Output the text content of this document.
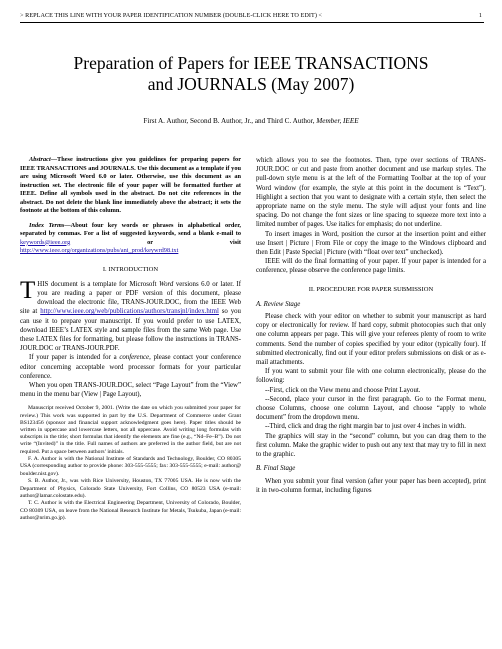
> REPLACE THIS LINE WITH YOUR PAPER IDENTIFICATION NUMBER (DOUBLE-CLICK HERE TO EDIT) <	1
Preparation of Papers for IEEE TRANSACTIONS
and JOURNALS (May 2007)
First A. Author, Second B. Author, Jr., and Third C. Author, Member, IEEE

Abstract—These instructions give you guidelines for preparing papers for IEEE TRANSACTIONS and JOURNALS. Use this document as a template if you are using Microsoft Word 6.0 or later. Otherwise, use this document as an instruction set. The electronic file of your paper will be formatted further at IEEE. Define all symbols used in the abstract. Do not cite references in the abstract. Do not delete the blank line immediately above the abstract; it sets the footnote at the bottom of this column.

Index Terms—About four key words or phrases in alphabetical order, separated by commas. For a list of suggested keywords, send a blank e-mail to keywords@ieee.org or visit http://www.ieee.org/organizations/pubs/ani_prod/keywrd98.txt

I. INTRODUCTION

THIS document is a template for Microsoft Word versions 6.0 or later. If you are reading a paper or PDF version of this document, please download the electronic file, TRANS-JOUR.DOC, from the IEEE Web site at http://www.ieee.org/web/publications/authors/transjnl/index.html so you can use it to prepare your manuscript. If you would prefer to use LATEX, download IEEE’s LATEX style and sample files from the same Web page. Use these LATEX files for formatting, but please follow the instructions in TRANS-JOUR.DOC or TRANS-JOUR.PDF.

If your paper is intended for a conference, please contact your conference editor concerning acceptable word processor formats for your particular conference.

When you open TRANS-JOUR.DOC, select “Page Layout” from the “View” menu in the menu bar (View | Page Layout),

Manuscript received October 9, 2001. (Write the date on which you submitted your paper for review.) This work was supported in part by the U.S. Department of Commerce under Grant BS123456 (sponsor and financial support acknowledgment goes here). Paper titles should be written in uppercase and lowercase letters, not all uppercase. Avoid writing long formulas with subscripts in the title; short formulas that identify the elements are fine (e.g., “Nd–Fe–B”). Do not write “(Invited)” in the title. Full names of authors are preferred in the author field, but are not required. Put a space between authors’ initials.

F. A. Author is with the National Institute of Standards and Technology, Boulder, CO 80305 USA (corresponding author to provide phone: 303-555-5555; fax: 303-555-5555; e-mail: author@ boulder.nist.gov).

S. B. Author, Jr., was with Rice University, Houston, TX 77005 USA. He is now with the Department of Physics, Colorado State University, Fort Collins, CO 80523 USA (e-mail: author@lamar.colostate.edu).

T. C. Author is with the Electrical Engineering Department, University of Colorado, Boulder, CO 80309 USA, on leave from the National Research Institute for Metals, Tsukuba, Japan (e-mail: author@nrim.go.jp).

which allows you to see the footnotes. Then, type over sections of TRANS-JOUR.DOC or cut and paste from another document and use markup styles. The pull-down style menu is at the left of the Formatting Toolbar at the top of your Word window (for example, the style at this point in the document is “Text”). Highlight a section that you want to designate with a certain style, then select the appropriate name on the style menu. The style will adjust your fonts and line spacing. Do not change the font sizes or line spacing to squeeze more text into a limited number of pages. Use italics for emphasis; do not underline.

To insert images in Word, position the cursor at the insertion point and either use Insert | Picture | From File or copy the image to the Windows clipboard and then Edit | Paste Special | Picture (with “float over text” unchecked).

IEEE will do the final formatting of your paper. If your paper is intended for a conference, please observe the conference page limits.

II. PROCEDURE FOR PAPER SUBMISSION
A. Review Stage

Please check with your editor on whether to submit your manuscript as hard copy or electronically for review. If hard copy, submit photocopies such that only one column appears per page. This will give your referees plenty of room to write comments. Send the number of copies specified by your editor (typically four). If submitted electronically, find out if your editor prefers submissions on disk or as e-mail attachments.

If you want to submit your file with one column electronically, please do the following:

--First, click on the View menu and choose Print Layout.

--Second, place your cursor in the first paragraph. Go to the Format menu, choose Columns, choose one column Layout, and choose “apply to whole document” from the dropdown menu.

--Third, click and drag the right margin bar to just over 4 inches in width.

The graphics will stay in the “second” column, but you can drag them to the first column. Make the graphic wider to push out any text that may try to fill in next to the graphic.

B. Final Stage

When you submit your final version (after your paper has been accepted), print it in two-column format, including figures
